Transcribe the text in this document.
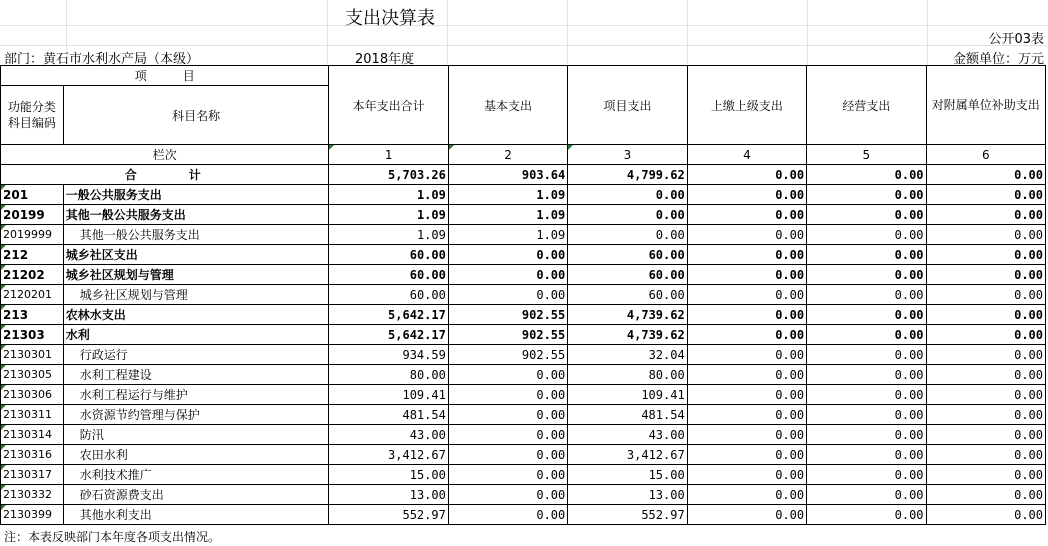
支出决算表
公开03表
部门：黄石市水利水产局（本级）	2018年度	金额单位：万元
项　　　目		本年支出合计	基本支出	项目支出	上缴上级支出	经营支出	对附属单位补助支出
功能分类科目编码	科目名称						
栏次		1	2	3	4	5	6
合　　　计		5,703.26	903.64	4,799.62	0.00	0.00	0.00
201	一般公共服务支出	1.09	1.09	0.00	0.00	0.00	0.00
20199	其他一般公共服务支出	1.09	1.09	0.00	0.00	0.00	0.00
2019999	其他一般公共服务支出	1.09	1.09	0.00	0.00	0.00	0.00
212	城乡社区支出	60.00	0.00	60.00	0.00	0.00	0.00
21202	城乡社区规划与管理	60.00	0.00	60.00	0.00	0.00	0.00
2120201	城乡社区规划与管理	60.00	0.00	60.00	0.00	0.00	0.00
213	农林水支出	5,642.17	902.55	4,739.62	0.00	0.00	0.00
21303	水利	5,642.17	902.55	4,739.62	0.00	0.00	0.00
2130301	行政运行	934.59	902.55	32.04	0.00	0.00	0.00
2130305	水利工程建设	80.00	0.00	80.00	0.00	0.00	0.00
2130306	水利工程运行与维护	109.41	0.00	109.41	0.00	0.00	0.00
2130311	水资源节约管理与保护	481.54	0.00	481.54	0.00	0.00	0.00
2130314	防汛	43.00	0.00	43.00	0.00	0.00	0.00
2130316	农田水利	3,412.67	0.00	3,412.67	0.00	0.00	0.00
2130317	水利技术推广	15.00	0.00	15.00	0.00	0.00	0.00
2130332	砂石资源费支出	13.00	0.00	13.00	0.00	0.00	0.00
2130399	其他水利支出	552.97	0.00	552.97	0.00	0.00	0.00
注：本表反映部门本年度各项支出情况。
